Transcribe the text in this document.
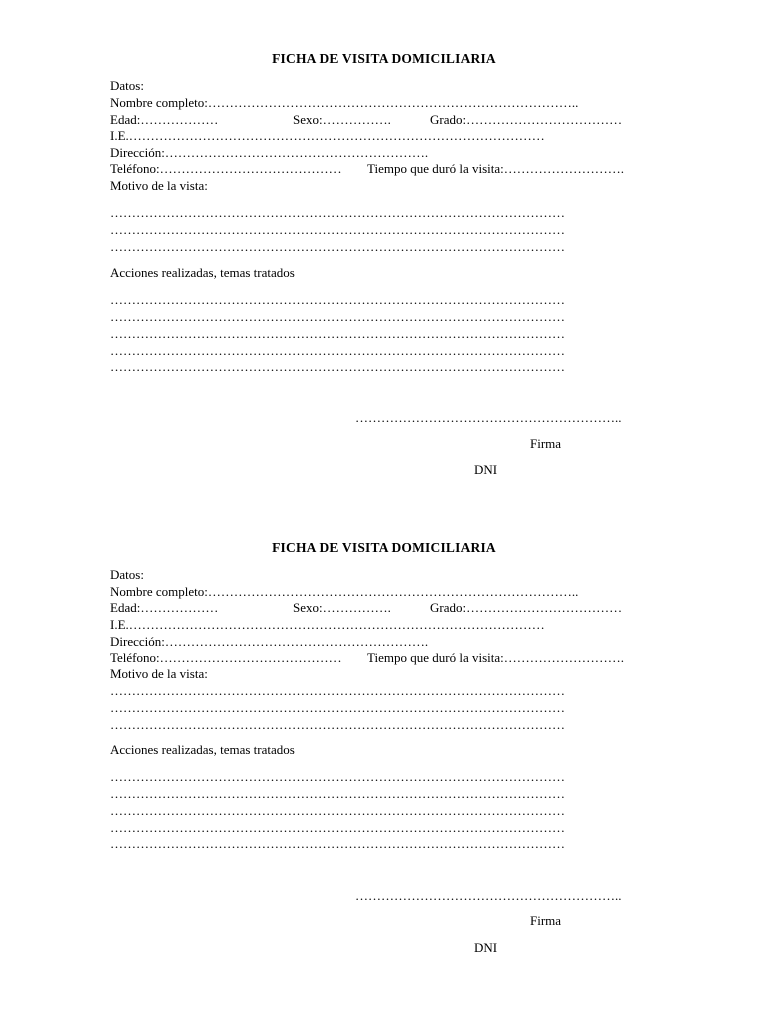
FICHA DE VISITA DOMICILIARIA
Datos:
Nombre completo:…………………………………………………………………………..
Edad:………………	Sexo:…………….	Grado:………………………………
I.E.……………………………………………………………………………………
Dirección:…………………………………………………….
Teléfono:…………………………………… Tiempo que duró la visita:……………………….
Motivo de la vista:
……………………………………………………………………………………………
……………………………………………………………………………………………
……………………………………………………………………………………………
Acciones realizadas, temas tratados
……………………………………………………………………………………………
……………………………………………………………………………………………
……………………………………………………………………………………………
……………………………………………………………………………………………
……………………………………………………………………………………………
……………………………………………………..
Firma
DNI
FICHA DE VISITA DOMICILIARIA
Datos:
Nombre completo:…………………………………………………………………………..
Edad:………………	Sexo:…………….	Grado:………………………………
I.E.……………………………………………………………………………………
Dirección:…………………………………………………….
Teléfono:…………………………………… Tiempo que duró la visita:……………………….
Motivo de la vista:
……………………………………………………………………………………………
……………………………………………………………………………………………
……………………………………………………………………………………………
Acciones realizadas, temas tratados
……………………………………………………………………………………………
……………………………………………………………………………………………
……………………………………………………………………………………………
……………………………………………………………………………………………
……………………………………………………………………………………………
……………………………………………………..
Firma
DNI
